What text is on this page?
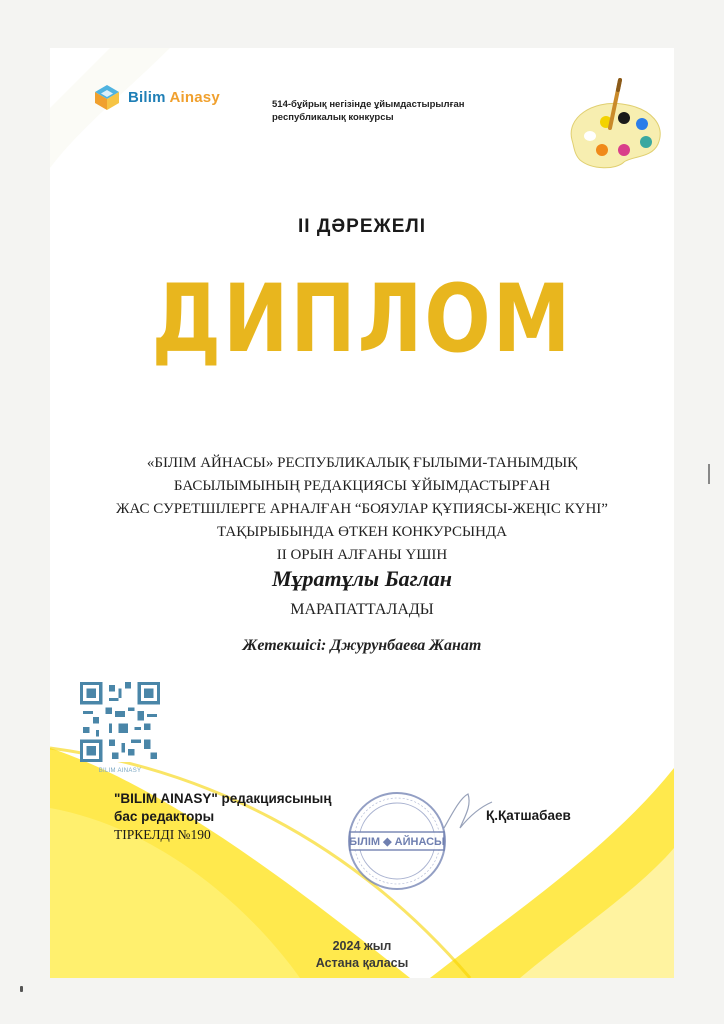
Bilim Ainasy	514-бұйрық негізінде ұйымдастырылған
республикалық конкурсы
ІІ ДӘРЕЖЕЛІ
ДИПЛОМ
«БІЛІМ АЙНАСЫ» РЕСПУБЛИКАЛЫҚ ҒЫЛЫМИ-ТАНЫМДЫҚ
БАСЫЛЫМЫНЫҢ РЕДАКЦИЯСЫ ҰЙЫМДАСТЫРҒАН
ЖАС СУРЕТШІЛЕРГЕ АРНАЛҒАН “БОЯУЛАР ҚҰПИЯСЫ-ЖЕҢІС КҮНІ”
ТАҚЫРЫБЫНДА ӨТКЕН КОНКУРСЫНДА
ІІ ОРЫН АЛҒАНЫ ҮШІН
Мұратұлы Баглан
МАРАПАТТАЛАДЫ
Жетекшісі: Джурунбаева Жанат
BILIM AINASY
"BILIM AINASY" редакциясының
бас редакторы
ТІРКЕЛДІ №190	БІЛІМ ◆ АЙНАСЫ
Қ.Қатшабаев
2024 жыл
Астана қаласы
